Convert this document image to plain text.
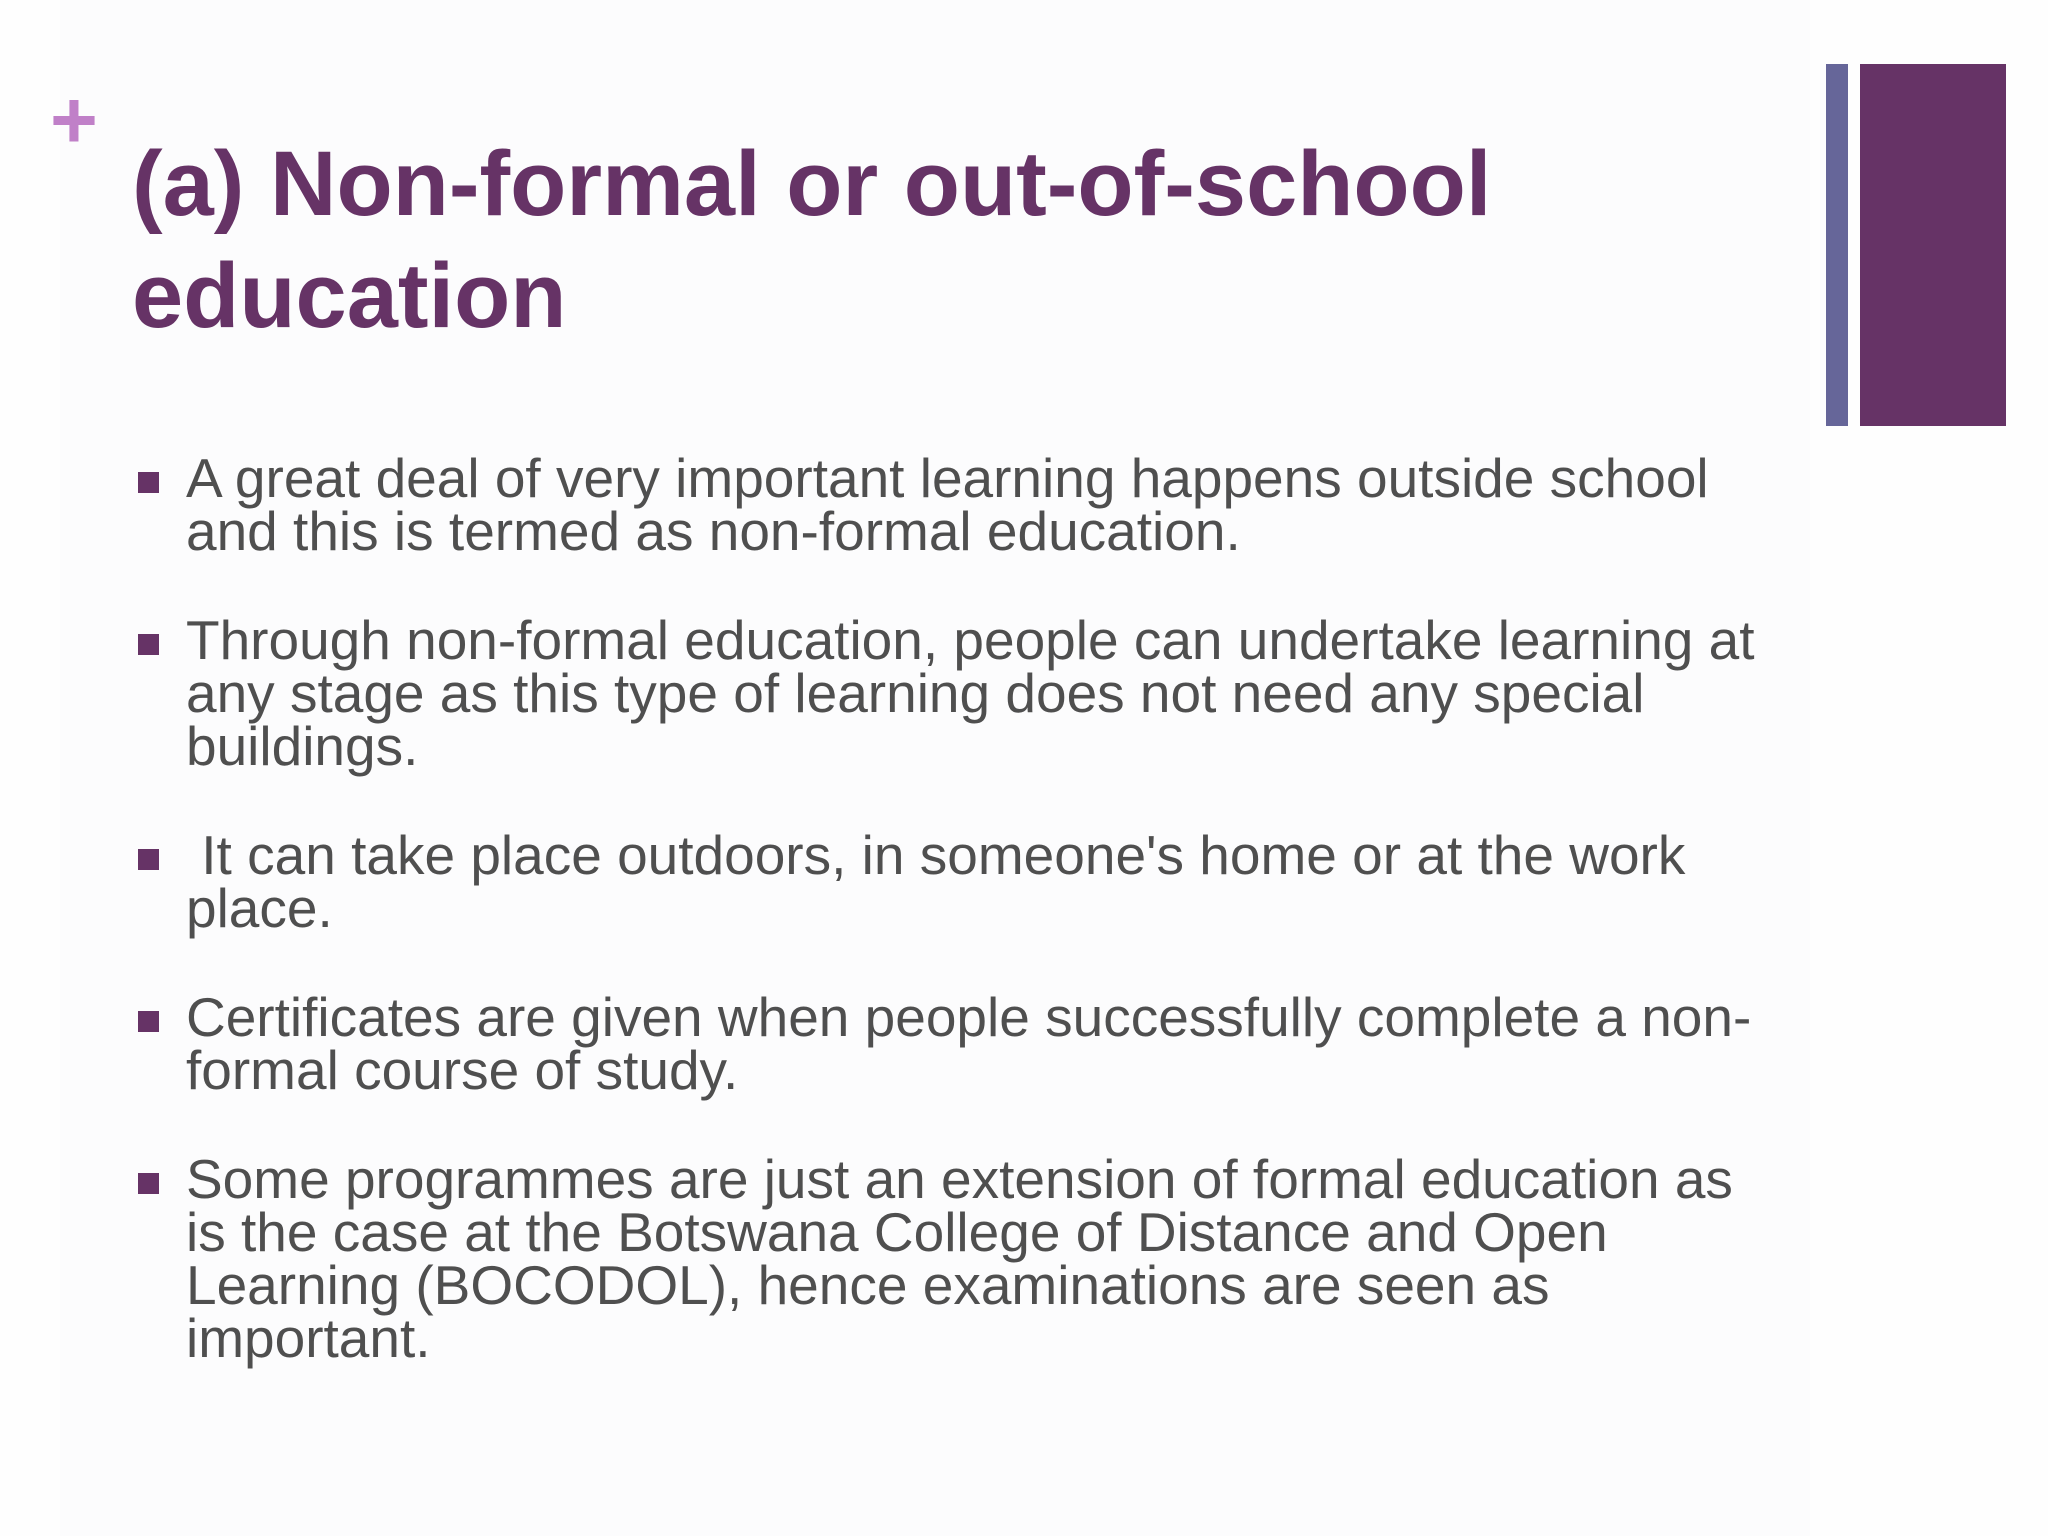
+
(a) Non-formal or out-of-school education
A great deal of very important learning happens outside school and this is termed as non-formal education.
Through non-formal education, people can undertake learning at any stage as this type of learning does not need any special buildings.
It can take place outdoors, in someone's home or at the work place.
Certificates are given when people successfully complete a non-formal course of study.
Some programmes are just an extension of formal education as is the case at the Botswana College of Distance and Open Learning (BOCODOL), hence examinations are seen as important.
